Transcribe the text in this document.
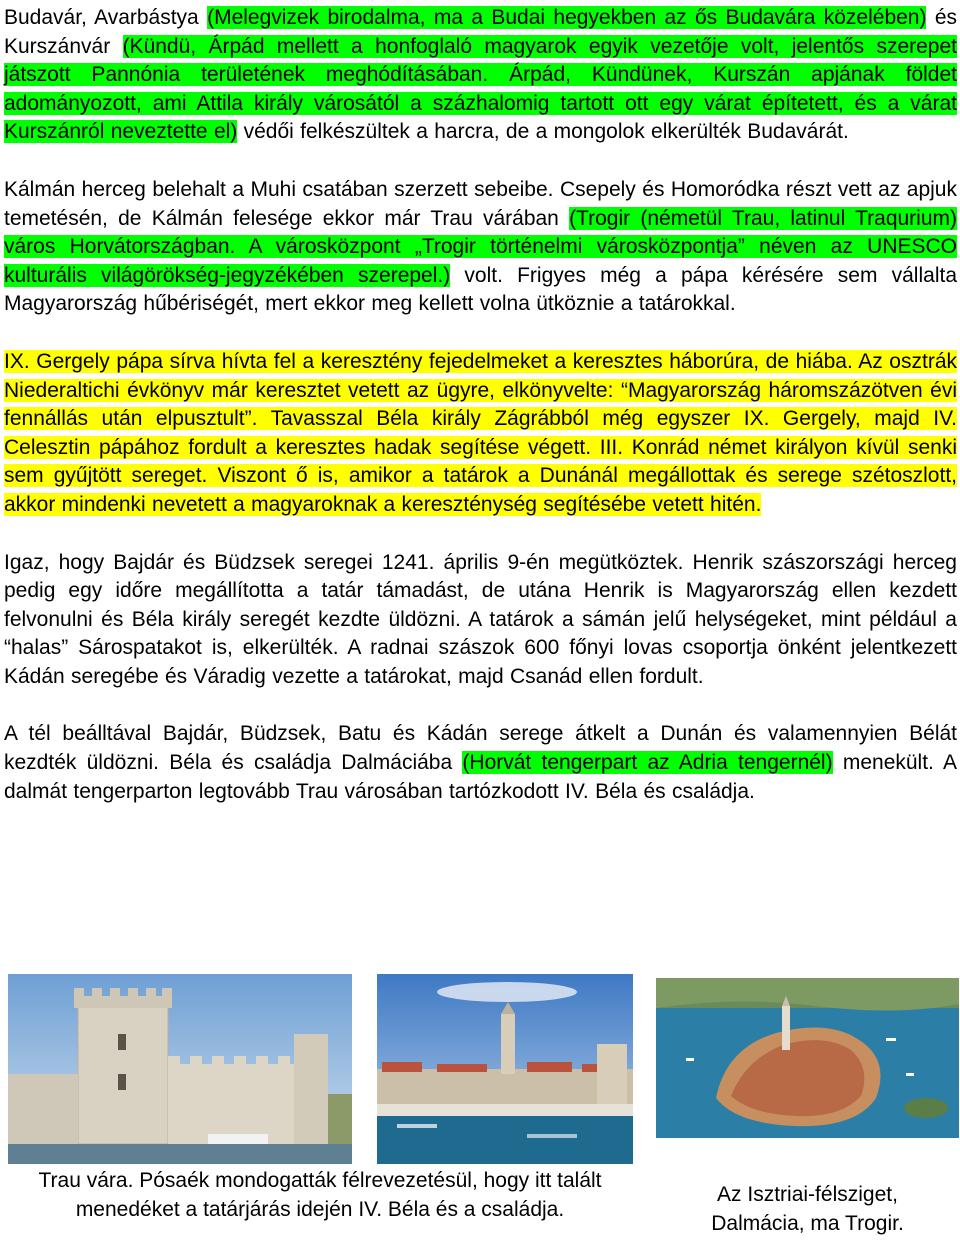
Budavár, Avarbástya (Melegvizek birodalma, ma a Budai hegyekben az ős Budavára közelében) és Kurszánvár (Kündü, Árpád mellett a honfoglaló magyarok egyik vezetője volt, jelentős szerepet játszott Pannónia területének meghódításában. Árpád, Kündünek, Kurszán apjának földet adományozott, ami Attila király városától a százhalomig tartott ott egy várat építetett, és a várat Kurszánról neveztette el) védői felkészültek a harcra, de a mongolok elkerülték Budavárát.

Kálmán herceg belehalt a Muhi csatában szerzett sebeibe. Csepely és Homoródka részt vett az apjuk temetésén, de Kálmán felesége ekkor már Trau várában (Trogir (németül Trau, latinul Traqurium) város Horvátországban. A városközpont „Trogir történelmi városközpontja” néven az UNESCO kulturális világörökség-jegyzékében szerepel.) volt. Frigyes még a pápa kérésére sem vállalta Magyarország hűbériségét, mert ekkor meg kellett volna ütköznie a tatárokkal.

IX. Gergely pápa sírva hívta fel a keresztény fejedelmeket a keresztes háborúra, de hiába. Az osztrák Niederaltichi évkönyv már keresztet vetett az ügyre, elkönyvelte: “Magyarország háromszázötven évi fennállás után elpusztult”. Tavasszal Béla király Zágrábból még egyszer IX. Gergely, majd IV. Celesztin pápához fordult a keresztes hadak segítése végett. III. Konrád német királyon kívül senki sem gyűjtött sereget. Viszont ő is, amikor a tatárok a Dunánál megállottak és serege szétoszlott, akkor mindenki nevetett a magyaroknak a kereszténység segítésébe vetett hitén.

Igaz, hogy Bajdár és Büdzsek seregei 1241. április 9-én megütköztek. Henrik szászországi herceg pedig egy időre megállította a tatár támadást, de utána Henrik is Magyarország ellen kezdett felvonulni és Béla király seregét kezdte üldözni. A tatárok a sámán jelű helységeket, mint például a “halas” Sárospatakot is, elkerülték. A radnai szászok 600 főnyi lovas csoportja önként jelentkezett Kádán seregébe és Váradig vezette a tatárokat, majd Csanád ellen fordult.

A tél beálltával Bajdár, Büdzsek, Batu és Kádán serege átkelt a Dunán és valamennyien Bélát kezdték üldözni. Béla és családja Dalmáciába (Horvát tengerpart az Adria tengernél) menekült. A dalmát tengerparton legtovább Trau városában tartózkodott IV. Béla és családja.

Trau vára. Pósaék mondogatták félrevezetésül, hogy itt talált menedéket a tatárjárás idején IV. Béla és a családja.
Az Isztriai-félsziget, Dalmácia, ma Trogir.
